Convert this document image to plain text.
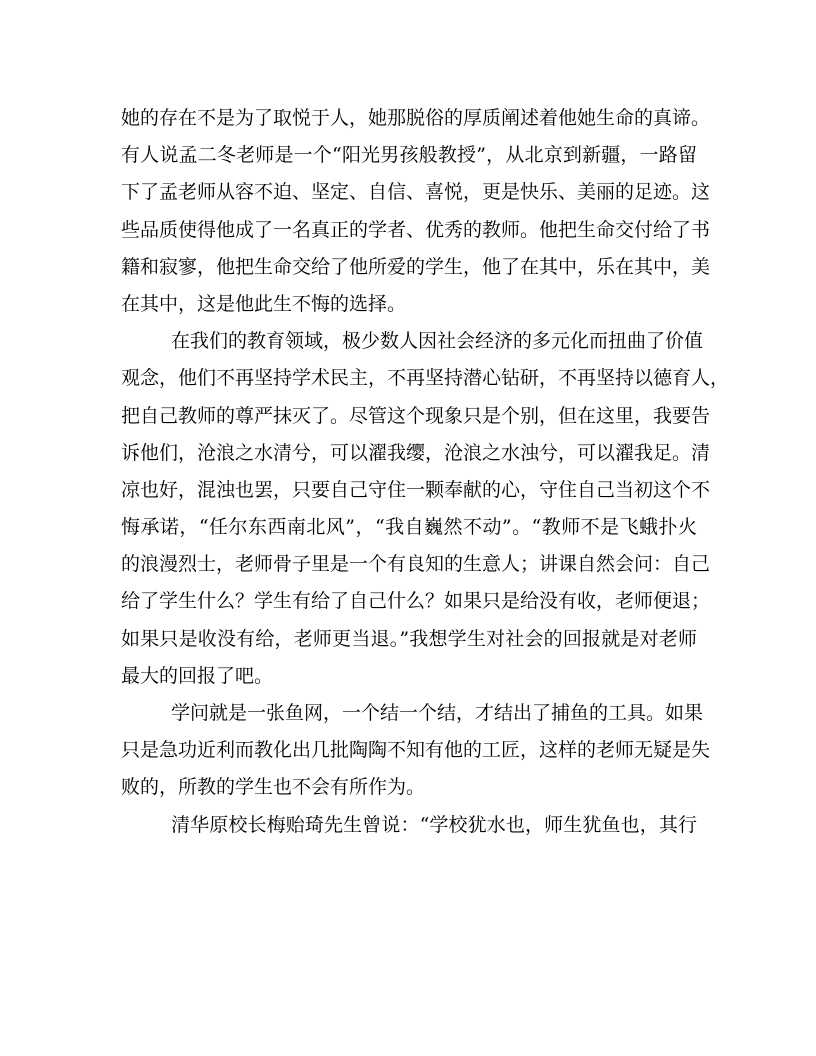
她的存在不是为了取悦于人，她那脱俗的厚质阐述着他她生命的真谛。
有人说孟二冬老师是一个“阳光男孩般教授”，从北京到新疆，一路留
下了孟老师从容不迫、坚定、自信、喜悦，更是快乐、美丽的足迹。这
些品质使得他成了一名真正的学者、优秀的教师。他把生命交付给了书
籍和寂寥，他把生命交给了他所爱的学生，他了在其中，乐在其中，美
在其中，这是他此生不悔的选择。
在我们的教育领域，极少数人因社会经济的多元化而扭曲了价值
观念，他们不再坚持学术民主，不再坚持潜心钻研，不再坚持以德育人，
把自己教师的尊严抹灭了。尽管这个现象只是个别，但在这里，我要告
诉他们，沧浪之水清兮，可以濯我缨，沧浪之水浊兮，可以濯我足。清
凉也好，混浊也罢，只要自己守住一颗奉献的心，守住自己当初这个不
悔承诺，“任尔东西南北风”，“我自巍然不动”。“教师不是飞蛾扑火
的浪漫烈士，老师骨子里是一个有良知的生意人；讲课自然会问：自己
给了学生什么？学生有给了自己什么？如果只是给没有收，老师便退；
如果只是收没有给，老师更当退。”我想学生对社会的回报就是对老师
最大的回报了吧。
学问就是一张鱼网，一个结一个结，才结出了捕鱼的工具。如果
只是急功近利而教化出几批陶陶不知有他的工匠，这样的老师无疑是失
败的，所教的学生也不会有所作为。
清华原校长梅贻琦先生曾说：“学校犹水也，师生犹鱼也，其行
